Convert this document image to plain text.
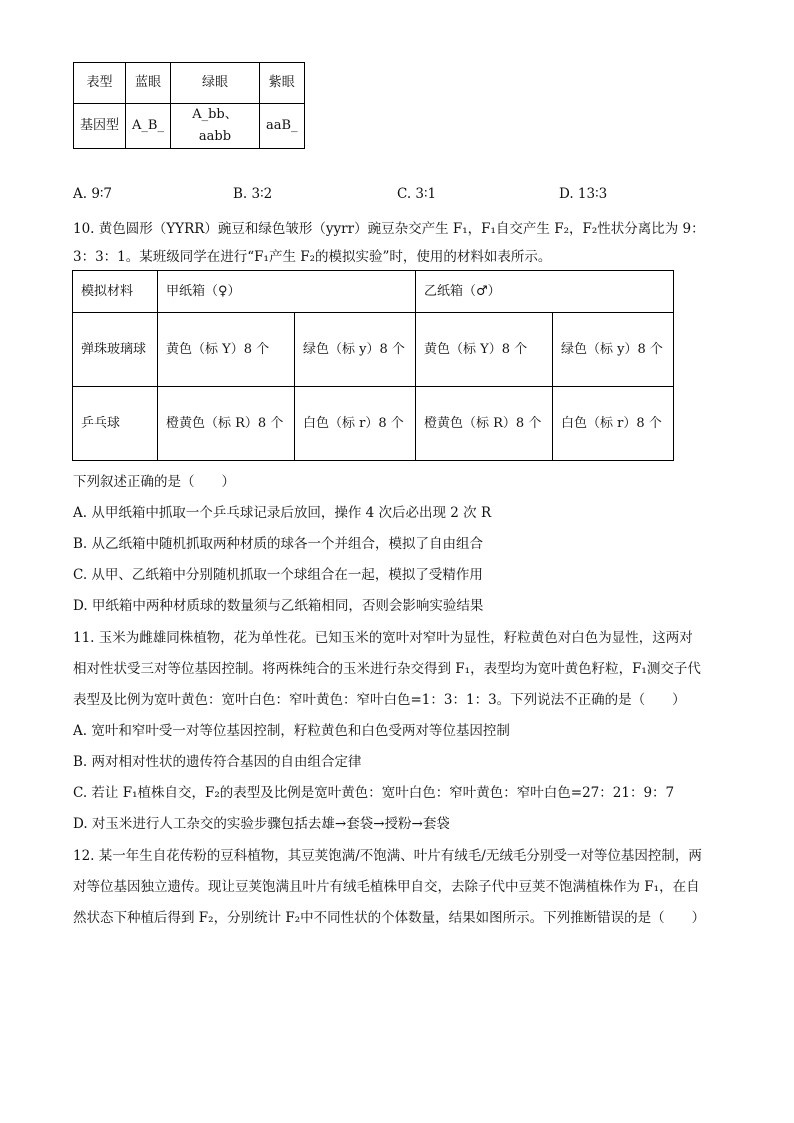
表型	蓝眼	绿眼	紫眼
基因型	A_B_	A_bb、aabb	aaB_
A. 9∶7	B. 3∶2	C. 3∶1	D. 13∶3
10. 黄色圆形（YYRR）豌豆和绿色皱形（yyrr）豌豆杂交产生 F₁，F₁自交产生 F₂，F₂性状分离比为 9：
3：3：1。某班级同学在进行“F₁产生 F₂的模拟实验”时，使用的材料如表所示。
模拟材料	甲纸箱（♀）		乙纸箱（♂）	
弹珠玻璃球	黄色（标 Y）8 个	绿色（标 y）8 个	黄色（标 Y）8 个	绿色（标 y）8 个
乒乓球	橙黄色（标 R）8 个	白色（标 r）8 个	橙黄色（标 R）8 个	白色（标 r）8 个
下列叙述正确的是（　　）
A. 从甲纸箱中抓取一个乒乓球记录后放回，操作 4 次后必出现 2 次 R
B. 从乙纸箱中随机抓取两种材质的球各一个并组合，模拟了自由组合
C. 从甲、乙纸箱中分别随机抓取一个球组合在一起，模拟了受精作用
D. 甲纸箱中两种材质球的数量须与乙纸箱相同，否则会影响实验结果
11. 玉米为雌雄同株植物，花为单性花。已知玉米的宽叶对窄叶为显性，籽粒黄色对白色为显性，这两对
相对性状受三对等位基因控制。将两株纯合的玉米进行杂交得到 F₁，表型均为宽叶黄色籽粒，F₁测交子代
表型及比例为宽叶黄色：宽叶白色：窄叶黄色：窄叶白色=1：3：1：3。下列说法不正确的是（　　）
A. 宽叶和窄叶受一对等位基因控制，籽粒黄色和白色受两对等位基因控制
B. 两对相对性状的遗传符合基因的自由组合定律
C. 若让 F₁植株自交，F₂的表型及比例是宽叶黄色：宽叶白色：窄叶黄色：窄叶白色=27：21：9：7
D. 对玉米进行人工杂交的实验步骤包括去雄→套袋→授粉→套袋
12. 某一年生自花传粉的豆科植物，其豆荚饱满/不饱满、叶片有绒毛/无绒毛分别受一对等位基因控制，两
对等位基因独立遗传。现让豆荚饱满且叶片有绒毛植株甲自交，去除子代中豆荚不饱满植株作为 F₁，在自
然状态下种植后得到 F₂，分别统计 F₂中不同性状的个体数量，结果如图所示。下列推断错误的是（　　）
